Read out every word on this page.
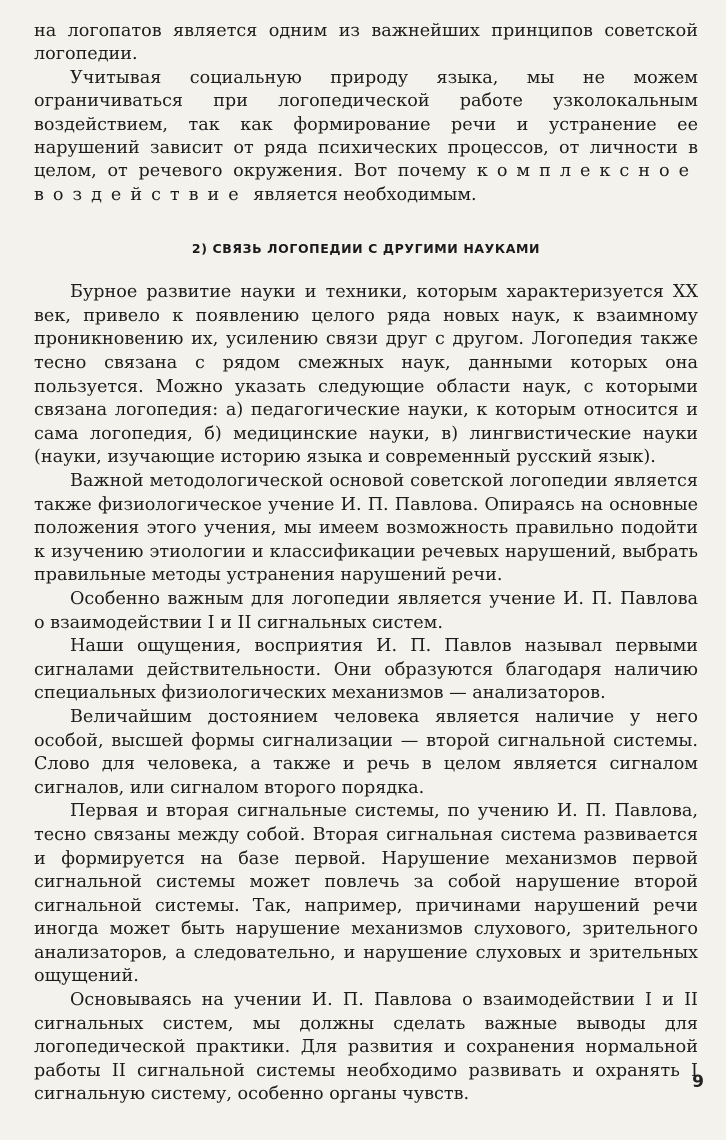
на логопатов является одним из важнейших принципов советской логопедии.

Учитывая социальную природу языка, мы не можем ограничиваться при логопедической работе узколокальным воздействием, так как формирование речи и устранение ее нарушений зависит от ряда психических процессов, от личности в целом, от речевого окружения. Вот почему комплексное воздействие является необходимым.

2) СВЯЗЬ ЛОГОПЕДИИ С ДРУГИМИ НАУКАМИ

Бурное развитие науки и техники, которым характеризуется XX век, привело к появлению целого ряда новых наук, к взаимному проникновению их, усилению связи друг с другом. Логопедия также тесно связана с рядом смежных наук, данными которых она пользуется. Можно указать следующие области наук, с которыми связана логопедия: а) педагогические науки, к которым относится и сама логопедия, б) медицинские науки, в) лингвистические науки (науки, изучающие историю языка и современный русский язык).

Важной методологической основой советской логопедии является также физиологическое учение И. П. Павлова. Опираясь на основные положения этого учения, мы имеем возможность правильно подойти к изучению этиологии и классификации речевых нарушений, выбрать правильные методы устранения нарушений речи.

Особенно важным для логопедии является учение И. П. Павлова о взаимодействии I и II сигнальных систем.

Наши ощущения, восприятия И. П. Павлов называл первыми сигналами действительности. Они образуются благодаря наличию специальных физиологических механизмов — анализаторов.

Величайшим достоянием человека является наличие у него особой, высшей формы сигнализации — второй сигнальной системы. Слово для человека, а также и речь в целом является сигналом сигналов, или сигналом второго порядка.

Первая и вторая сигнальные системы, по учению И. П. Павлова, тесно связаны между собой. Вторая сигнальная система развивается и формируется на базе первой. Нарушение механизмов первой сигнальной системы может повлечь за собой нарушение второй сигнальной системы. Так, например, причинами нарушений речи иногда может быть нарушение механизмов слухового, зрительного анализаторов, а следовательно, и нарушение слуховых и зрительных ощущений.

Основываясь на учении И. П. Павлова о взаимодействии I и II сигнальных систем, мы должны сделать важные выводы для логопедической практики. Для развития и сохранения нормальной работы II сигнальной системы необходимо развивать и охранять I сигнальную систему, особенно органы чувств.

9
